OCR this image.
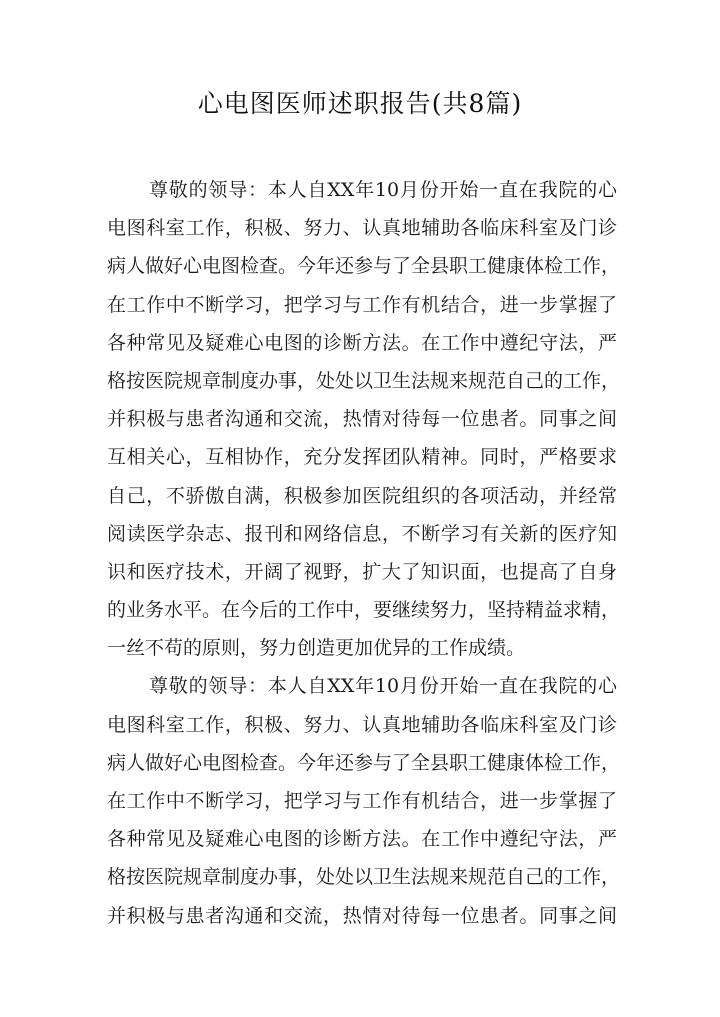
心电图医师述职报告(共8篇)
尊敬的领导：本人自XX年10月份开始一直在我院的心
电图科室工作，积极、努力、认真地辅助各临床科室及门诊
病人做好心电图检查。今年还参与了全县职工健康体检工作，
在工作中不断学习，把学习与工作有机结合，进一步掌握了
各种常见及疑难心电图的诊断方法。在工作中遵纪守法，严
格按医院规章制度办事，处处以卫生法规来规范自己的工作，
并积极与患者沟通和交流，热情对待每一位患者。同事之间
互相关心，互相协作，充分发挥团队精神。同时，严格要求
自己，不骄傲自满，积极参加医院组织的各项活动，并经常
阅读医学杂志、报刊和网络信息，不断学习有关新的医疗知
识和医疗技术，开阔了视野，扩大了知识面，也提高了自身
的业务水平。在今后的工作中，要继续努力，坚持精益求精，
一丝不苟的原则，努力创造更加优异的工作成绩。
尊敬的领导：本人自XX年10月份开始一直在我院的心
电图科室工作，积极、努力、认真地辅助各临床科室及门诊
病人做好心电图检查。今年还参与了全县职工健康体检工作，
在工作中不断学习，把学习与工作有机结合，进一步掌握了
各种常见及疑难心电图的诊断方法。在工作中遵纪守法，严
格按医院规章制度办事，处处以卫生法规来规范自己的工作，
并积极与患者沟通和交流，热情对待每一位患者。同事之间
